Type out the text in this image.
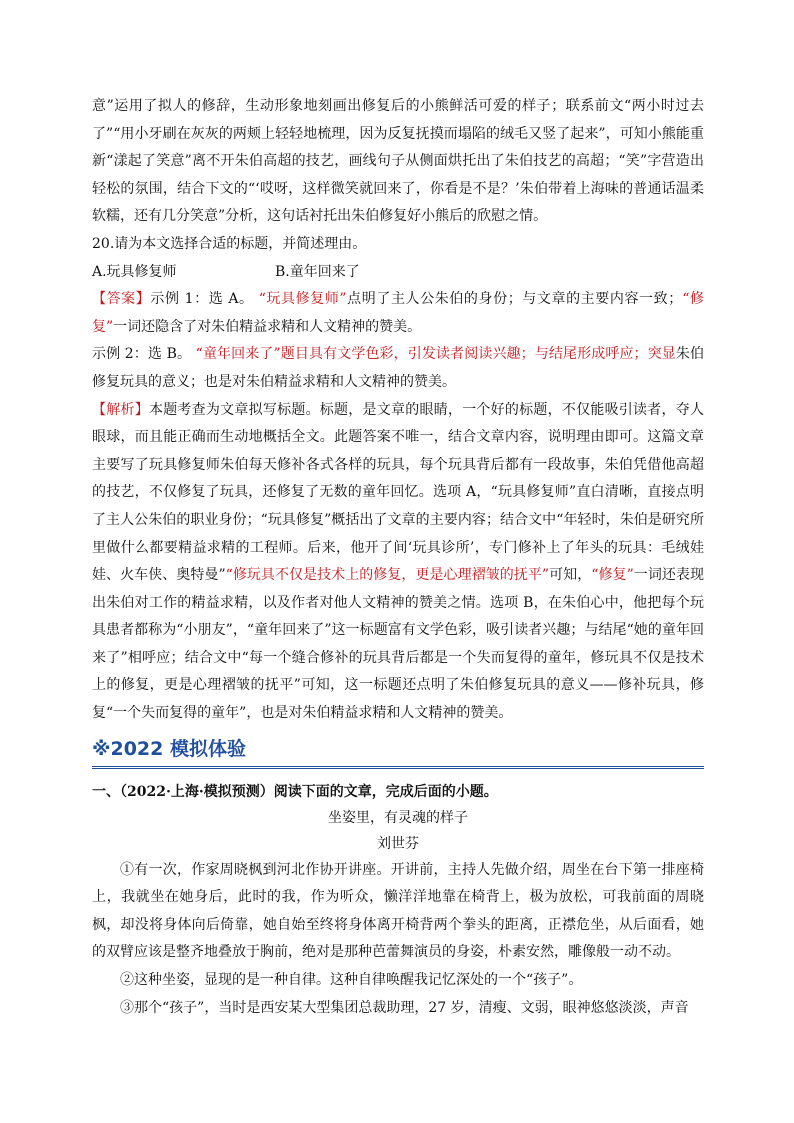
意”运用了拟人的修辞，生动形象地刻画出修复后的小熊鲜活可爱的样子；联系前文“两小时过去了”“用小牙刷在灰灰的两颊上轻轻地梳理，因为反复抚摸而塌陷的绒毛又竖了起来”，可知小熊能重新“漾起了笑意”离不开朱伯高超的技艺，画线句子从侧面烘托出了朱伯技艺的高超；“笑”字营造出轻松的氛围，结合下文的“‘哎呀，这样微笑就回来了，你看是不是？’朱伯带着上海味的普通话温柔软糯，还有几分笑意”分析，这句话衬托出朱伯修复好小熊后的欣慰之情。

20.请为本文选择合适的标题，并简述理由。

A.玩具修复师	B.童年回来了

【答案】示例 1：选 A。 “玩具修复师”点明了主人公朱伯的身份；与文章的主要内容一致；“修复”一词还隐含了对朱伯精益求精和人文精神的赞美。

示例 2：选 B。 “童年回来了”题目具有文学色彩，引发读者阅读兴趣；与结尾形成呼应；突显朱伯修复玩具的意义；也是对朱伯精益求精和人文精神的赞美。

【解析】本题考查为文章拟写标题。标题，是文章的眼睛，一个好的标题，不仅能吸引读者，夺人眼球，而且能正确而生动地概括全文。此题答案不唯一，结合文章内容，说明理由即可。这篇文章主要写了玩具修复师朱伯每天修补各式各样的玩具，每个玩具背后都有一段故事，朱伯凭借他高超的技艺，不仅修复了玩具，还修复了无数的童年回忆。选项 A，“玩具修复师”直白清晰，直接点明了主人公朱伯的职业身份；“玩具修复”概括出了文章的主要内容；结合文中“年轻时，朱伯是研究所里做什么都要精益求精的工程师。后来，他开了间‘玩具诊所’，专门修补上了年头的玩具：毛绒娃娃、火车侠、奥特曼”“修玩具不仅是技术上的修复，更是心理褶皱的抚平”可知，“修复”一词还表现出朱伯对工作的精益求精，以及作者对他人文精神的赞美之情。选项 B，在朱伯心中，他把每个玩具患者都称为“小朋友”，“童年回来了”这一标题富有文学色彩，吸引读者兴趣；与结尾“她的童年回来了”相呼应；结合文中“每一个缝合修补的玩具背后都是一个失而复得的童年，修玩具不仅是技术上的修复，更是心理褶皱的抚平”可知，这一标题还点明了朱伯修复玩具的意义——修补玩具，修复“一个失而复得的童年”，也是对朱伯精益求精和人文精神的赞美。

※2022 模拟体验
一、（2022·上海·模拟预测）阅读下面的文章，完成后面的小题。
坐姿里，有灵魂的样子
刘世芬

①有一次，作家周晓枫到河北作协开讲座。开讲前，主持人先做介绍，周坐在台下第一排座椅上，我就坐在她身后，此时的我，作为听众，懒洋洋地靠在椅背上，极为放松，可我前面的周晓枫，却没将身体向后倚靠，她自始至终将身体离开椅背两个拳头的距离，正襟危坐，从后面看，她的双臂应该是整齐地叠放于胸前，绝对是那种芭蕾舞演员的身姿，朴素安然，雕像般一动不动。

②这种坐姿，显现的是一种自律。这种自律唤醒我记忆深处的一个“孩子”。

③那个“孩子”，当时是西安某大型集团总裁助理，27 岁，清瘦、文弱，眼神悠悠淡淡，声音
